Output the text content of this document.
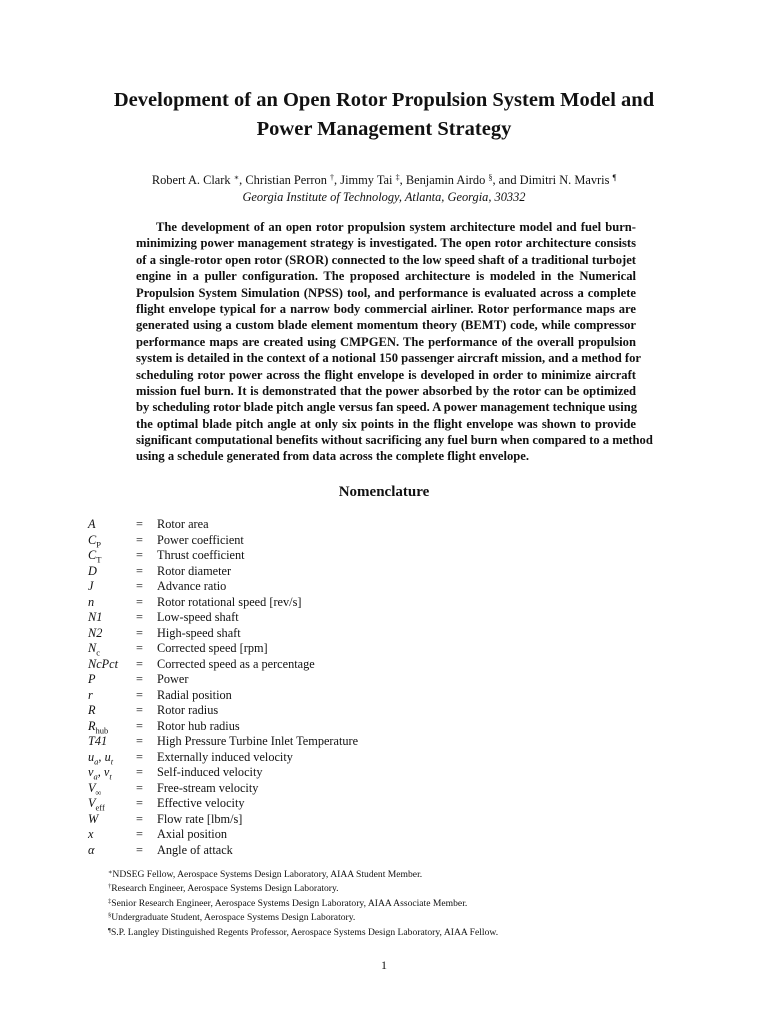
Development of an Open Rotor Propulsion System Model and
Power Management Strategy
Robert A. Clark ∗, Christian Perron †, Jimmy Tai ‡, Benjamin Airdo §, and Dimitri N. Mavris ¶
Georgia Institute of Technology, Atlanta, Georgia, 30332
The development of an open rotor propulsion system architecture model and fuel burn-
minimizing power management strategy is investigated. The open rotor architecture consists
of a single-rotor open rotor (SROR) connected to the low speed shaft of a traditional turbojet
engine in a puller configuration. The proposed architecture is modeled in the Numerical
Propulsion System Simulation (NPSS) tool, and performance is evaluated across a complete
flight envelope typical for a narrow body commercial airliner. Rotor performance maps are
generated using a custom blade element momentum theory (BEMT) code, while compressor
performance maps are created using CMPGEN. The performance of the overall propulsion
system is detailed in the context of a notional 150 passenger aircraft mission, and a method for
scheduling rotor power across the flight envelope is developed in order to minimize aircraft
mission fuel burn. It is demonstrated that the power absorbed by the rotor can be optimized
by scheduling rotor blade pitch angle versus fan speed. A power management technique using
the optimal blade pitch angle at only six points in the flight envelope was shown to provide
significant computational benefits without sacrificing any fuel burn when compared to a method
using a schedule generated from data across the complete flight envelope.
Nomenclature
A	= Rotor area
$C_P$	= Power coefficient
$C_T$	= Thrust coefficient
D	= Rotor diameter
J	= Advance ratio
n	= Rotor rotational speed [rev/s]
N1	= Low-speed shaft
N2	= High-speed shaft
$N_c$	= Corrected speed [rpm]
NcPct = Corrected speed as a percentage
P	= Power
r	= Radial position
R	= Rotor radius
$R_{hub}$ = Rotor hub radius
T41 = High Pressure Turbine Inlet Temperature
$u_a$, $u_t$ = Externally induced velocity
$v_a$, $v_t$ = Self-induced velocity
$V_\infty$	= Free-stream velocity
$V_{eff}$	= Effective velocity
W	= Flow rate [lbm/s]
x	= Axial position
α	= Angle of attack
∗NDSEG Fellow, Aerospace Systems Design Laboratory, AIAA Student Member.
†Research Engineer, Aerospace Systems Design Laboratory.
‡Senior Research Engineer, Aerospace Systems Design Laboratory, AIAA Associate Member.
§Undergraduate Student, Aerospace Systems Design Laboratory.
¶S.P. Langley Distinguished Regents Professor, Aerospace Systems Design Laboratory, AIAA Fellow.
1
